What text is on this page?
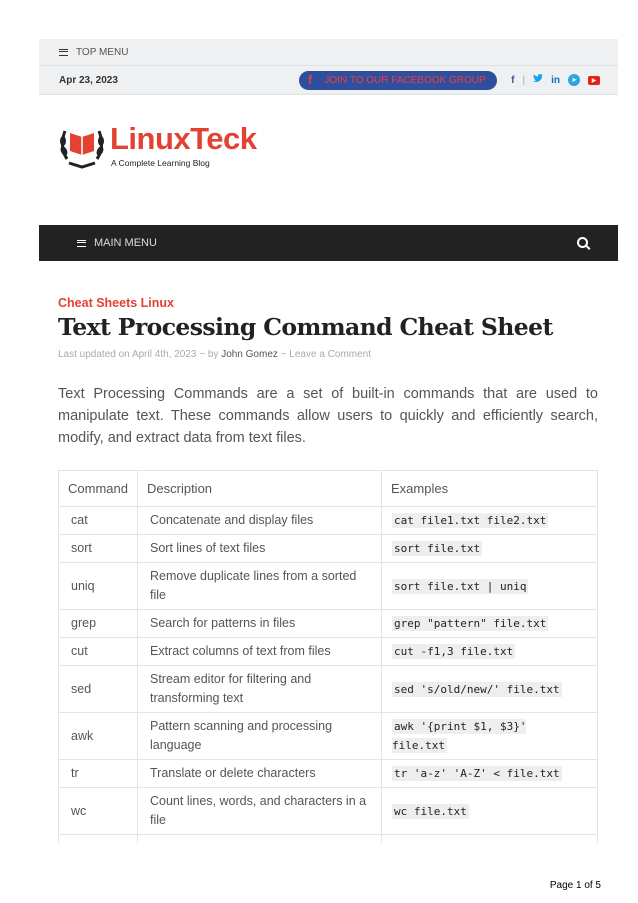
TOP MENU
Apr 23, 2023	f	JOIN TO OUR FACEBOOK GROUP	f |	in	➤	▶
LinuxTeck
A Complete Learning Blog
MAIN MENU
Cheat Sheets Linux
Text Processing Command Cheat Sheet
Last updated on April 4th, 2023 ~ by John Gomez ~ Leave a Comment

Text Processing Commands are a set of built-in commands that are used to manipulate text. These commands allow users to quickly and efficiently search, modify, and extract data from text files.

Command	Description	Examples
cat	Concatenate and display files	cat file1.txt file2.txt
sort	Sort lines of text files	sort file.txt
uniq	Remove duplicate lines from a sorted file	sort file.txt | uniq
grep	Search for patterns in files	grep "pattern" file.txt
cut	Extract columns of text from files	cut -f1,3 file.txt
sed	Stream editor for filtering and transforming text	sed 's/old/new/' file.txt
awk	Pattern scanning and processing language	awk '{print $1, $3}' file.txt
tr	Translate or delete characters	tr 'a-z' 'A-Z' < file.txt
wc	Count lines, words, and characters in a file	wc file.txt

Page 1 of 5
